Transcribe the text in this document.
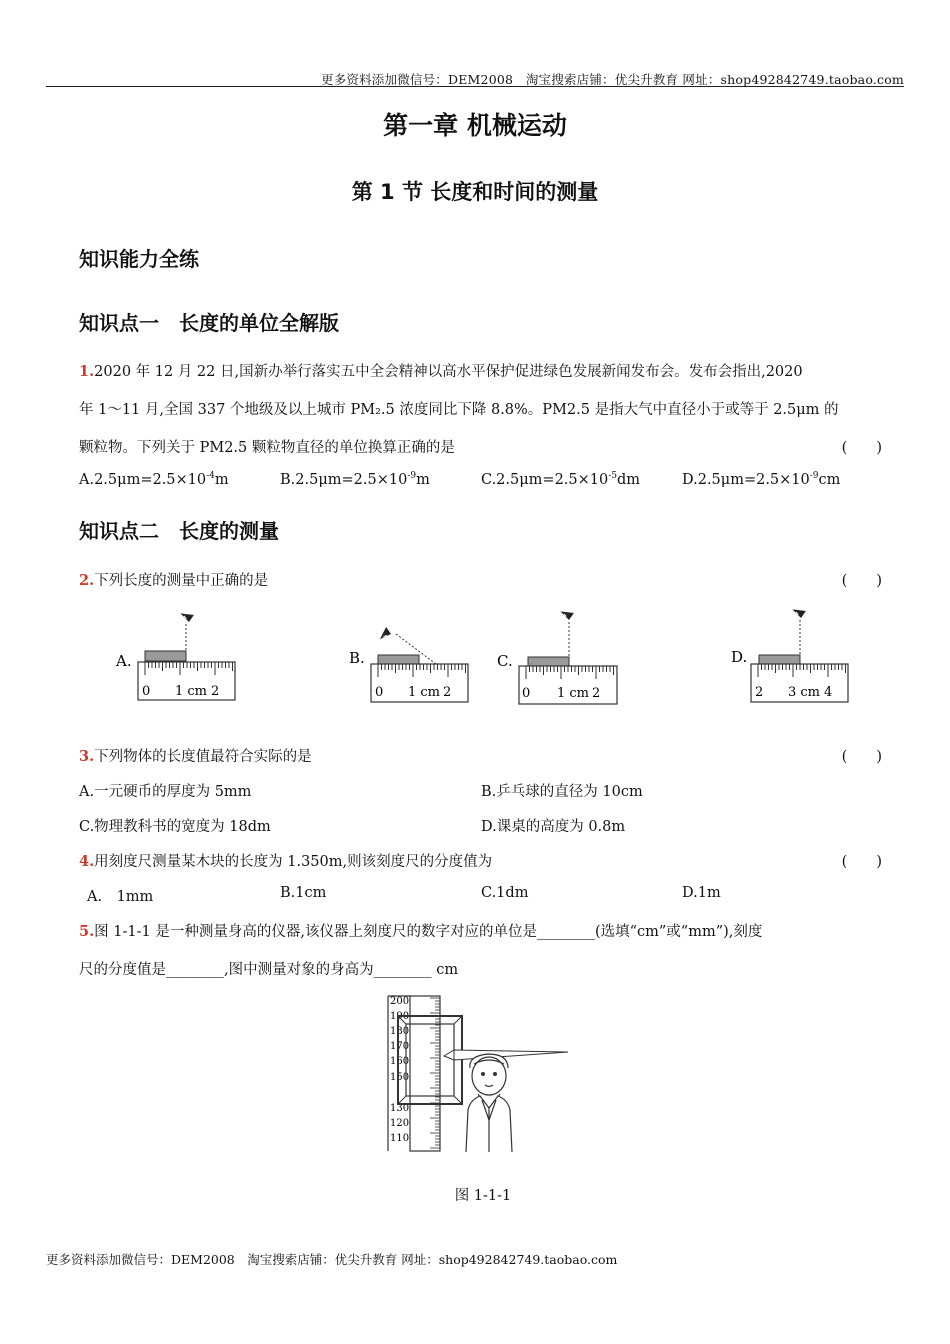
更多资料添加微信号：DEM2008　淘宝搜索店铺：优尖升教育 网址：shop492842749.taobao.com
第一章 机械运动
第 1 节 长度和时间的测量
知识能力全练
知识点一　长度的单位全解版
1.2020 年 12 月 22 日,国新办举行落实五中全会精神以高水平保护促进绿色发展新闻发布会。发布会指出,2020
年 1～11 月,全国 337 个地级及以上城市 PM₂.5 浓度同比下降 8.8%。PM2.5 是指大气中直径小于或等于 2.5μm 的
颗粒物。下列关于 PM2.5 颗粒物直径的单位换算正确的是	(　　)
$A.2.5\mu m=2.5\times 10^{-4}m$	$B.2.5\mu m=2.5\times 10^{-9}m$	$C.2.5\mu m=2.5\times 10^{-5}dm$	$D.2.5\mu m=2.5\times 10^{-9}cm$
知识点二　长度的测量
2.下列长度的测量中正确的是	(　　)
A.
0 1 cm 2
B.
0 1 cm 2
C.
0 1 cm 2
D.
2 3 cm 4
3.下列物体的长度值最符合实际的是	(　　)
A.一元硬币的厚度为 5mm	B.乒乓球的直径为 10cm
C.物理教科书的宽度为 18dm	D.课桌的高度为 0.8m
4.用刻度尺测量某木块的长度为 1.350m,则该刻度尺的分度值为	(　　)
A.　1mm	B.1cm	C.1dm	D.1m
5.图 1-1-1 是一种测量身高的仪器,该仪器上刻度尺的数字对应的单位是________(选填“cm”或“mm”),刻度
尺的分度值是________,图中测量对象的身高为________ cm
200
190
180
170
160
150
130
120
110
图 1-1-1
更多资料添加微信号：DEM2008　淘宝搜索店铺：优尖升教育 网址：shop492842749.taobao.com
